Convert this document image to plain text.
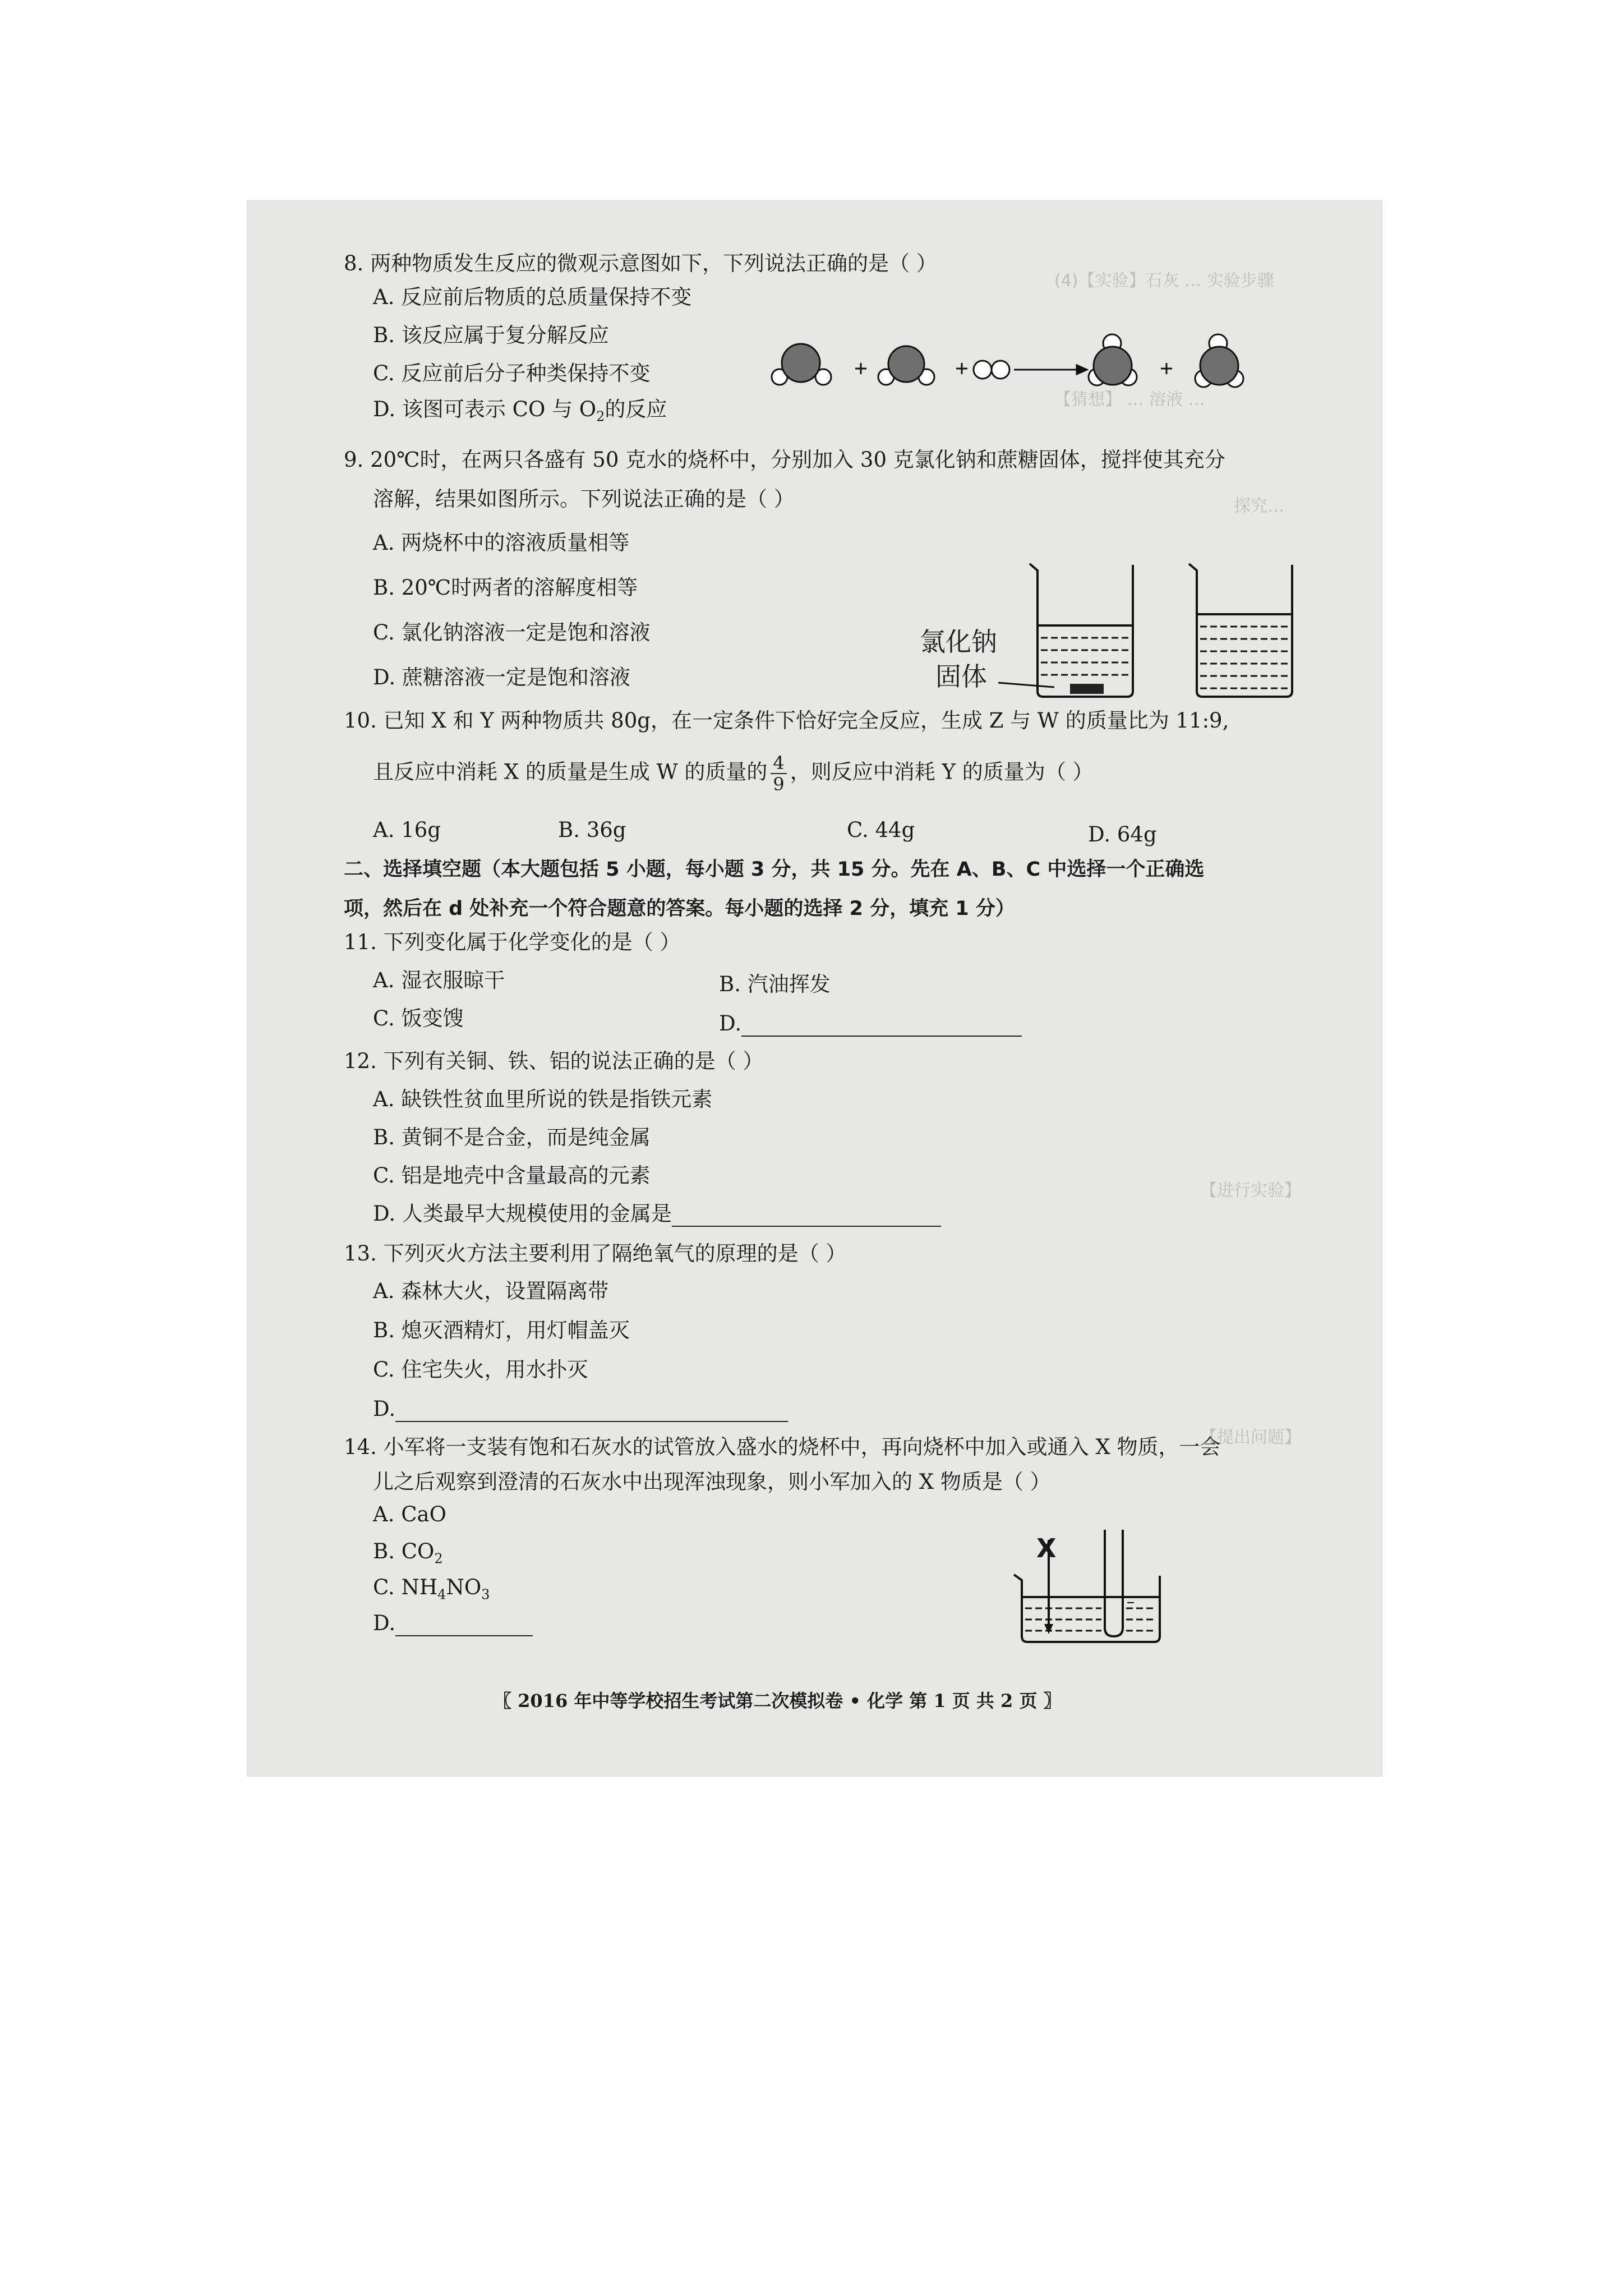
(4)【实验】石灰 … 实验步骤
【猜想】 … 溶液 …
探究…
【进行实验】
【提出问题】
8. 两种物质发生反应的微观示意图如下，下列说法正确的是（ ）
A. 反应前后物质的总质量保持不变
B. 该反应属于复分解反应
C. 反应前后分子种类保持不变
D. 该图可表示 CO 与 $O_2$的反应
9. 20℃时，在两只各盛有 50 克水的烧杯中，分别加入 30 克氯化钠和蔗糖固体，搅拌使其充分
溶解，结果如图所示。下列说法正确的是（ ）
A. 两烧杯中的溶液质量相等
B. 20℃时两者的溶解度相等
C. 氯化钠溶液一定是饱和溶液
D. 蔗糖溶液一定是饱和溶液
氯化钠
固体
10. 已知 X 和 Y 两种物质共 80g，在一定条件下恰好完全反应，生成 Z 与 W 的质量比为 11:9,
且反应中消耗 X 的质量是生成 W 的质量的 $\frac{4}{9}$ ，则反应中消耗 Y 的质量为（ ）
A. 16g	B. 36g	C. 44g	D. 64g
二、选择填空题（本大题包括 5 小题，每小题 3 分，共 15 分。先在 A、B、C 中选择一个正确选
项，然后在 d 处补充一个符合题意的答案。每小题的选择 2 分，填充 1 分）
11. 下列变化属于化学变化的是（ ）
A. 湿衣服晾干	B. 汽油挥发
C. 饭变馊	D.
12. 下列有关铜、铁、铝的说法正确的是（ ）
A. 缺铁性贫血里所说的铁是指铁元素
B. 黄铜不是合金，而是纯金属
C. 铝是地壳中含量最高的元素
D. 人类最早大规模使用的金属是
13. 下列灭火方法主要利用了隔绝氧气的原理的是（ ）
A. 森林大火，设置隔离带
B. 熄灭酒精灯，用灯帽盖灭
C. 住宅失火，用水扑灭
D.
14. 小军将一支装有饱和石灰水的试管放入盛水的烧杯中，再向烧杯中加入或通入 X 物质，一会
儿之后观察到澄清的石灰水中出现浑浊现象，则小军加入的 X 物质是（ ）
A. CaO
B. $CO_2$
C. $NH_4NO_3$
D.
X
〖 2016 年中等学校招生考试第二次模拟卷 • 化学 第 1 页 共 2 页 〗
